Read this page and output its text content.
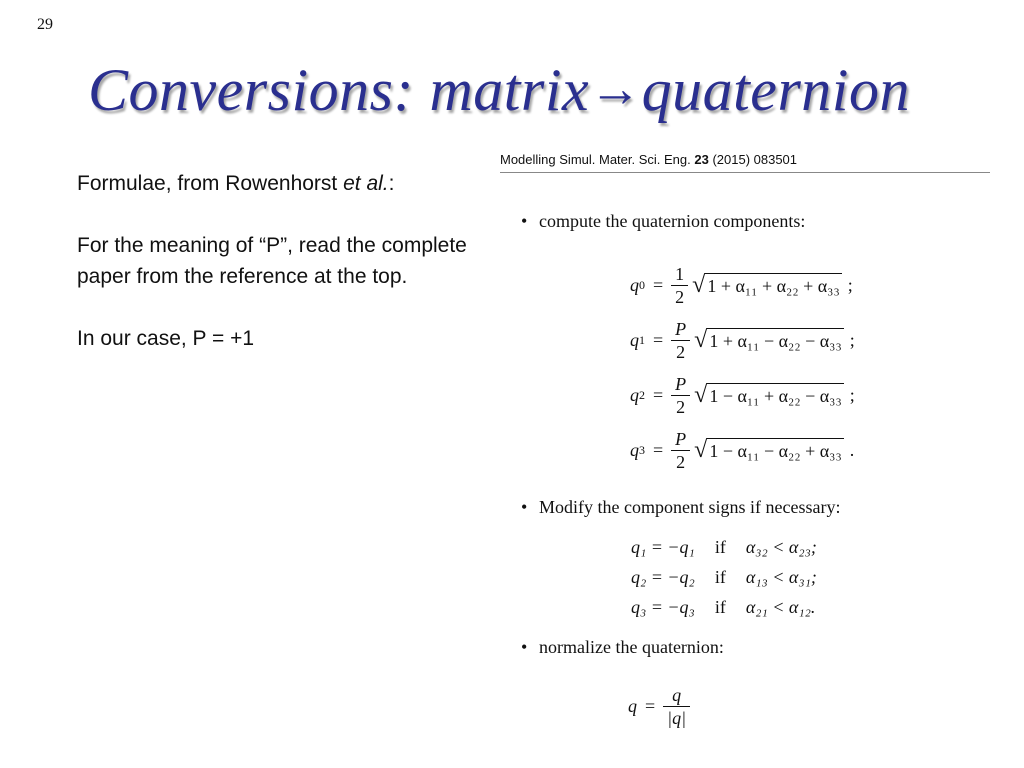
29
Conversions: matrix→quaternion

Formulae, from Rowenhorst et al.:

For the meaning of “P”, read the complete paper from the reference at the top.

In our case, P = +1

Modelling Simul. Mater. Sci. Eng. 23 (2015) 083501
• compute the quaternion components:
q $0 = \frac{1}{2}$ √ 1 + α₁₁ + α₂₂ + α₃₃ ;
q $1 = \frac{P}{2}$ √ 1 + α₁₁ − α₂₂ − α₃₃ ;
q $2 = \frac{P}{2}$ √ 1 − α₁₁ + α₂₂ − α₃₃ ;
q $3 = \frac{P}{2}$ √ 1 − α₁₁ − α₂₂ + α₃₃ .
• Modify the component signs if necessary:
q₁ = −q₁ if α₃₂ < α₂₃;
q₂ = −q₂ if α₁₃ < α₃₁;
q₃ = −q₃ if α₂₁ < α₁₂.
• normalize the quaternion:
$q = \frac{q}{|q|}$
